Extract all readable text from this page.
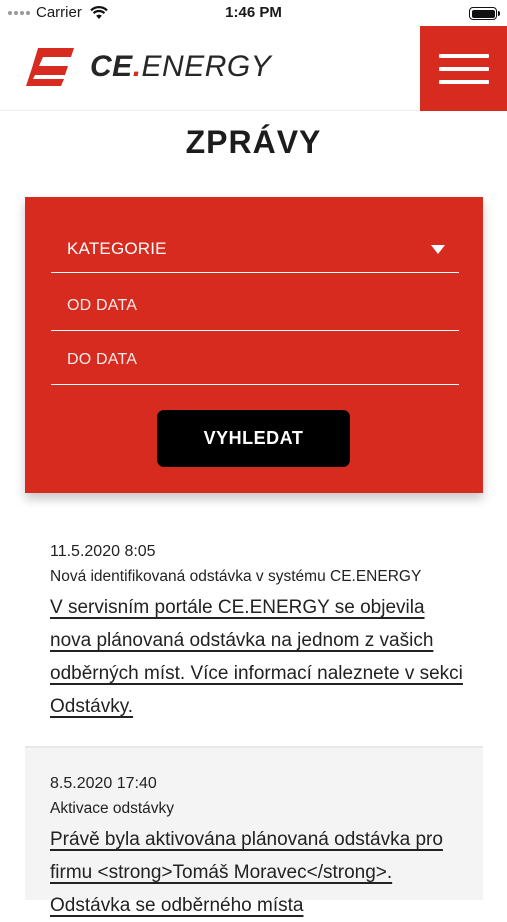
Carrier	1:46 PM
CE.ENERGY
ZPRÁVY
KATEGORIE
OD DATA
DO DATA
VYHLEDAT
11.5.2020 8:05
Nová identifikovaná odstávka v systému CE.ENERGY
V servisním portále CE.ENERGY se objevila nova plánovaná odstávka na jednom z vašich odběrných míst. Více informací naleznete v sekci Odstávky.
8.5.2020 17:40
Aktivace odstávky
Právě byla aktivována plánovaná odstávka pro firmu <strong>Tomáš Moravec</strong>. Odstávka se odběrného místa
